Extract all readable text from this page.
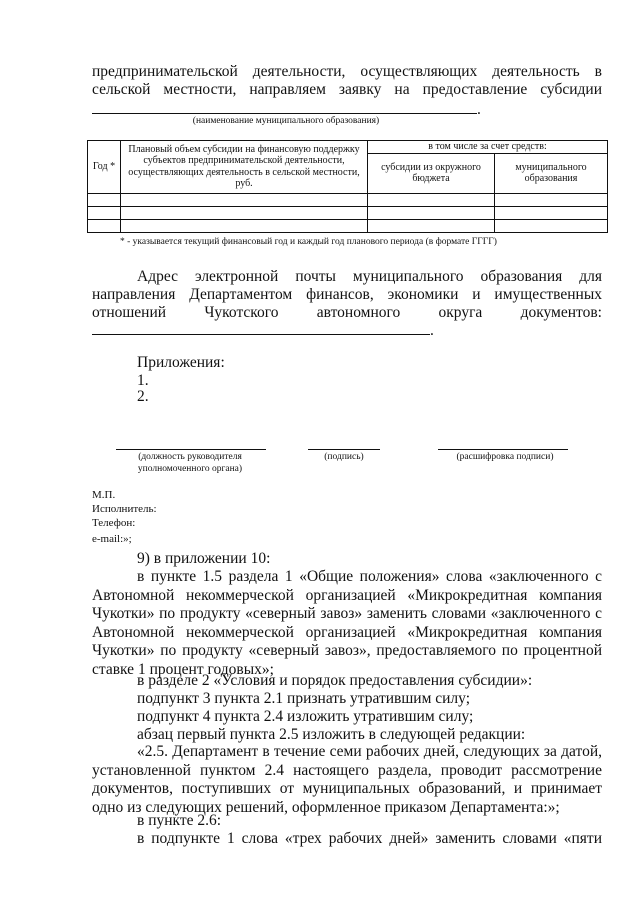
предпринимательской деятельности, осуществляющих деятельность в
сельской местности, направляем заявку на предоставление субсидии
.
(наименование муниципального образования)
Год *	Плановый объем субсидии на финансовую поддержку субъектов предпринимательской деятельности, осуществляющих деятельность в сельской местности, руб.	в том числе за счет средств:	
		субсидии из окружного бюджета	муниципального образования

* - указывается текущий финансовый год и каждый год планового периода (в формате ГГГГ)
Адрес электронной почты муниципального образования для
направления Департаментом финансов, экономики и имущественных
отношений Чукотского автономного округа документов:
.
Приложения:
1.
2.
(должность руководителя уполномоченного органа)
(подпись)	(расшифровка подписи)
М.П.
Исполнитель:
Телефон:
e-mail:»;
9) в приложении 10:
в пункте 1.5 раздела 1 «Общие положения» слова «заключенного с Автономной некоммерческой организацией «Микрокредитная компания Чукотки» по продукту «северный завоз» заменить словами «заключенного с Автономной некоммерческой организацией «Микрокредитная компания Чукотки» по продукту «северный завоз», предоставляемого по процентной ставке 1 процент годовых»;
в разделе 2 «Условия и порядок предоставления субсидии»:
подпункт 3 пункта 2.1 признать утратившим силу;
подпункт 4 пункта 2.4 изложить утратившим силу;
абзац первый пункта 2.5 изложить в следующей редакции:
«2.5. Департамент в течение семи рабочих дней, следующих за датой, установленной пунктом 2.4 настоящего раздела, проводит рассмотрение документов, поступивших от муниципальных образований, и принимает одно из следующих решений, оформленное приказом Департамента:»;
в пункте 2.6:
в подпункте 1 слова «трех рабочих дней» заменить словами «пяти
